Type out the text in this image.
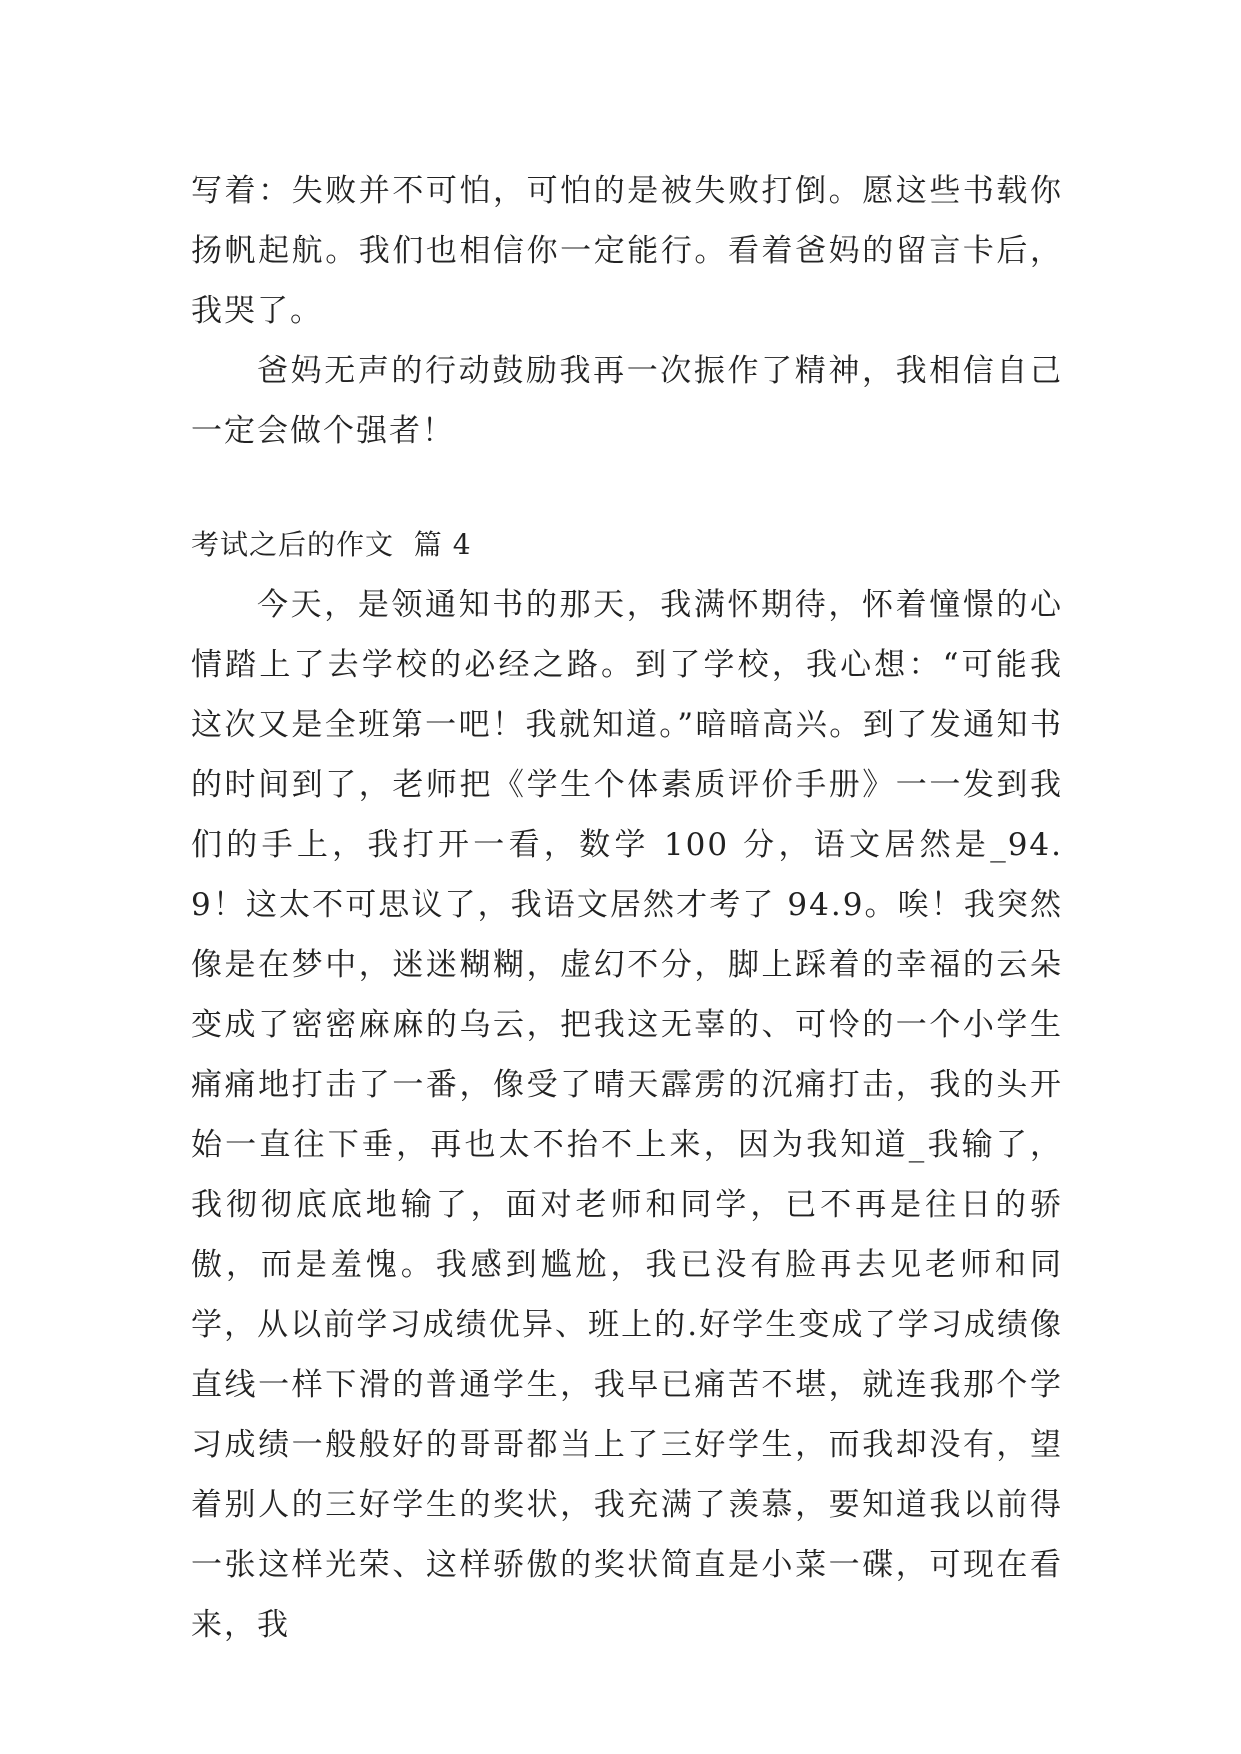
写着：失败并不可怕，可怕的是被失败打倒。愿这些书载你扬帆起航。我们也相信你一定能行。看着爸妈的留言卡后，我哭了。

爸妈无声的行动鼓励我再一次振作了精神，我相信自己一定会做个强者！

考试之后的作文  篇 4

今天，是领通知书的那天，我满怀期待，怀着憧憬的心情踏上了去学校的必经之路。到了学校，我心想：“可能我这次又是全班第一吧！我就知道。”暗暗高兴。到了发通知书的时间到了，老师把《学生个体素质评价手册》一一发到我们的手上，我打开一看，数学 100 分，语文居然是_94.9！这太不可思议了，我语文居然才考了 94.9。唉！我突然像是在梦中，迷迷糊糊，虚幻不分，脚上踩着的幸福的云朵变成了密密麻麻的乌云，把我这无辜的、可怜的一个小学生痛痛地打击了一番，像受了晴天霹雳的沉痛打击，我的头开始一直往下垂，再也太不抬不上来，因为我知道_我输了，我彻彻底底地输了，面对老师和同学，已不再是往日的骄傲，而是羞愧。我感到尴尬，我已没有脸再去见老师和同学，从以前学习成绩优异、班上的.好学生变成了学习成绩像直线一样下滑的普通学生，我早已痛苦不堪，就连我那个学习成绩一般般好的哥哥都当上了三好学生，而我却没有，望着别人的三好学生的奖状，我充满了羡慕，要知道我以前得一张这样光荣、这样骄傲的奖状简直是小菜一碟，可现在看来，我
